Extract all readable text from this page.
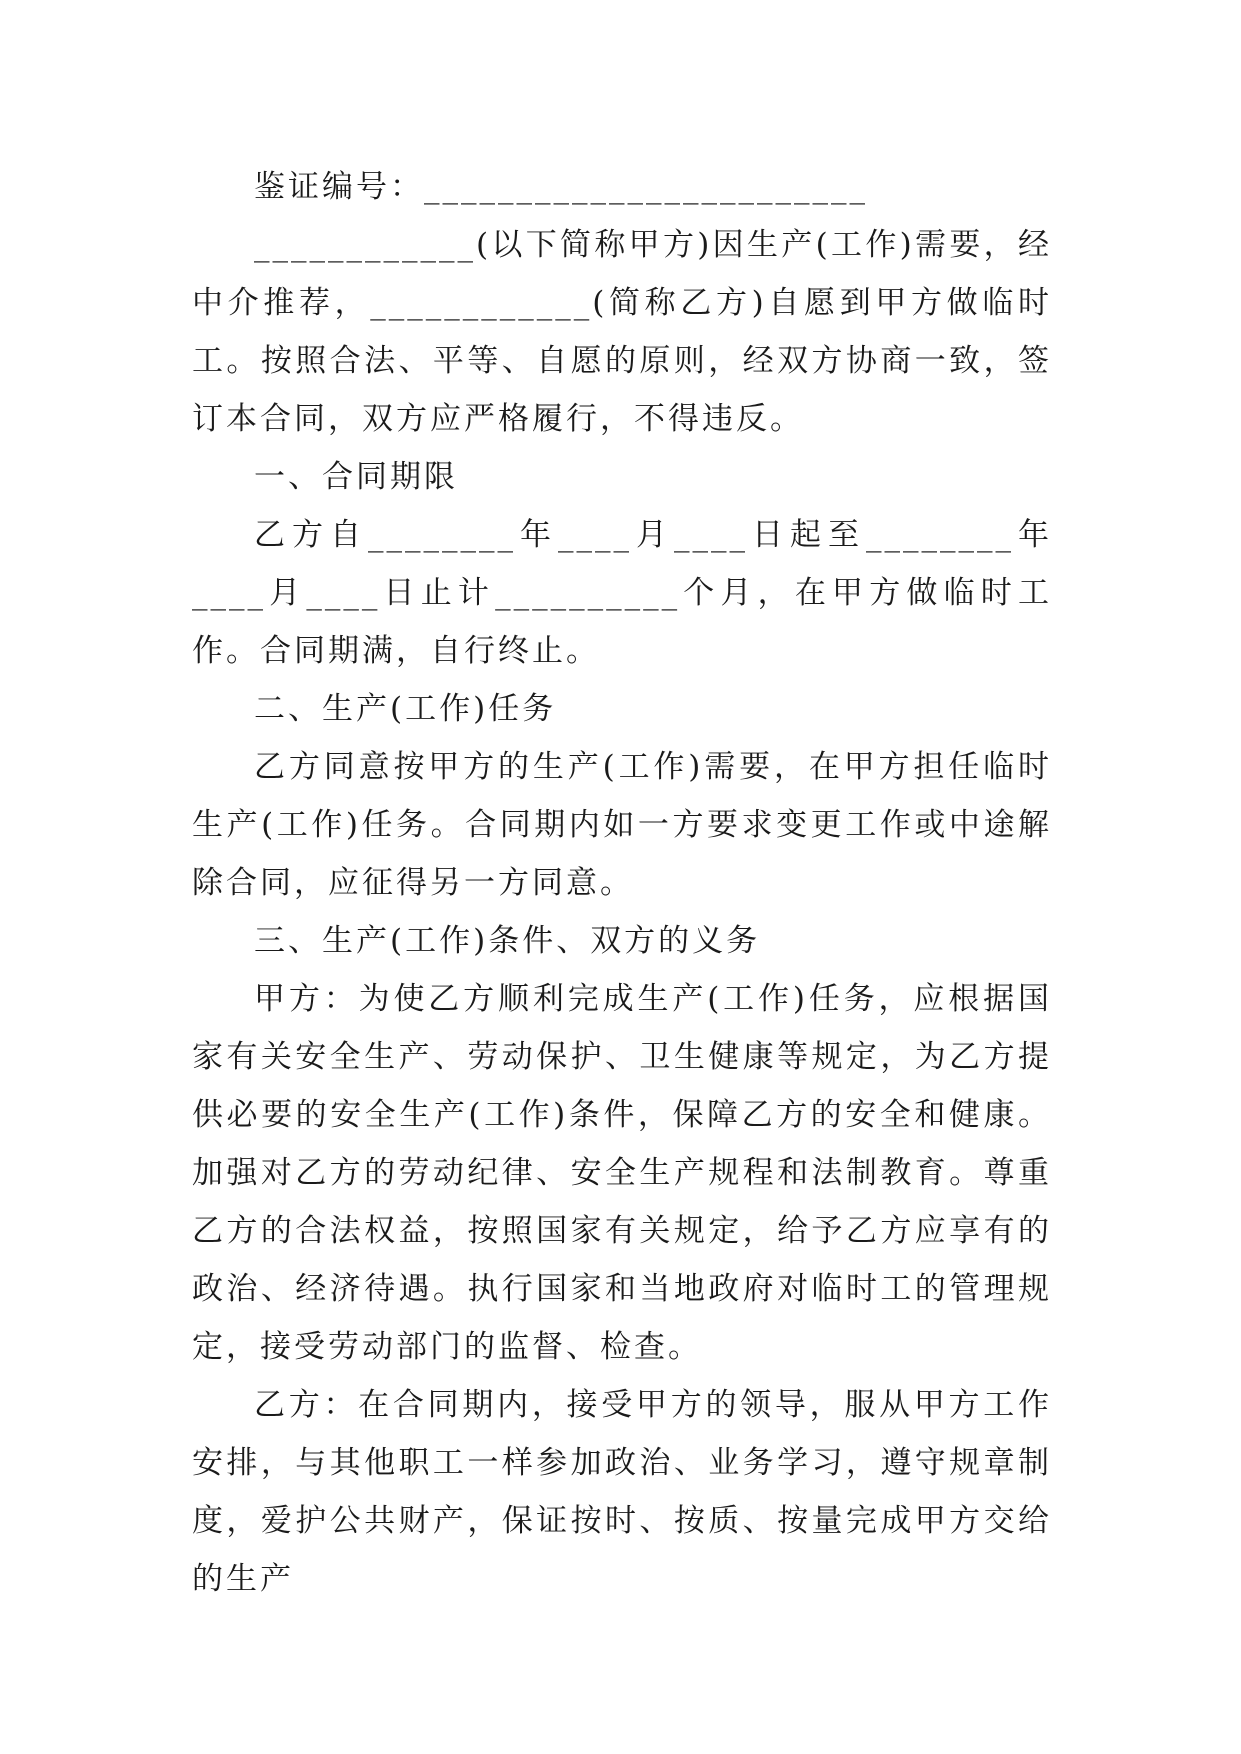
鉴证编号：________________________

____________(以下简称甲方)因生产(工作)需要，经中介推荐，____________(简称乙方)自愿到甲方做临时工。按照合法、平等、自愿的原则，经双方协商一致，签订本合同，双方应严格履行，不得违反。

一、合同期限

乙方自________年____月____日起至________年____月____日止计__________个月，在甲方做临时工作。合同期满，自行终止。

二、生产(工作)任务

乙方同意按甲方的生产(工作)需要，在甲方担任临时生产(工作)任务。合同期内如一方要求变更工作或中途解除合同，应征得另一方同意。

三、生产(工作)条件、双方的义务

甲方：为使乙方顺利完成生产(工作)任务，应根据国家有关安全生产、劳动保护、卫生健康等规定，为乙方提供必要的安全生产(工作)条件，保障乙方的安全和健康。加强对乙方的劳动纪律、安全生产规程和法制教育。尊重乙方的合法权益，按照国家有关规定，给予乙方应享有的政治、经济待遇。执行国家和当地政府对临时工的管理规定，接受劳动部门的监督、检查。

乙方：在合同期内，接受甲方的领导，服从甲方工作安排，与其他职工一样参加政治、业务学习，遵守规章制度，爱护公共财产，保证按时、按质、按量完成甲方交给的生产
